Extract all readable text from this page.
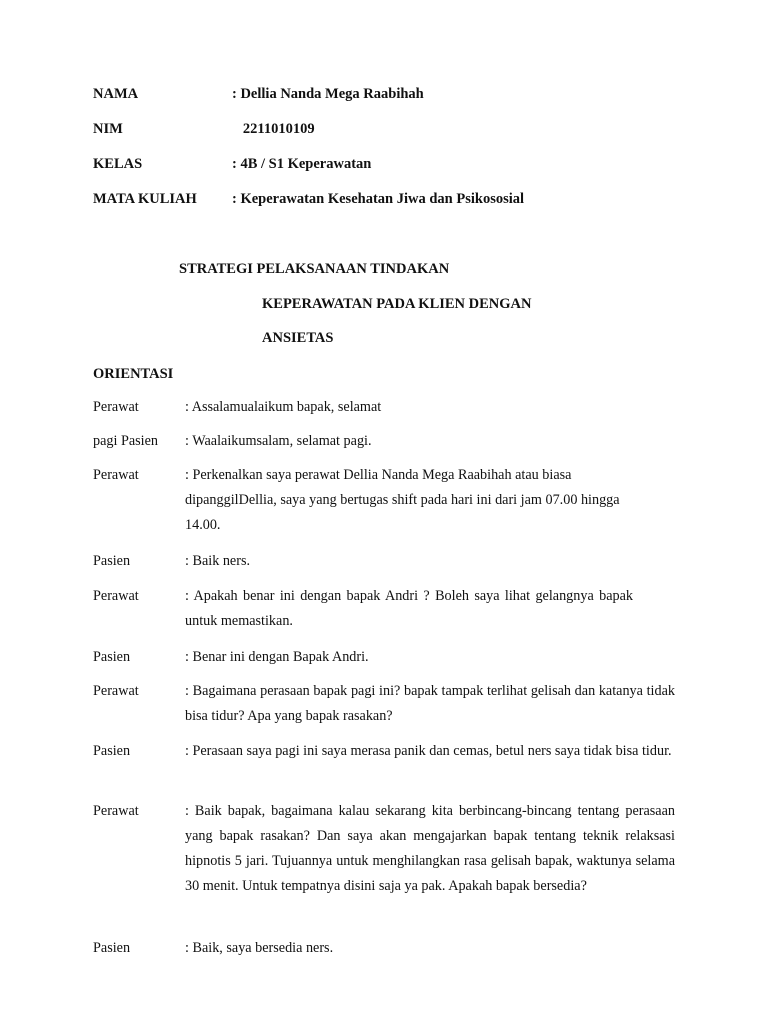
NAMA	: Dellia Nanda Mega Raabihah
NIM	2211010109
KELAS	: 4B / S1 Keperawatan
MATA KULIAH : Keperawatan Kesehatan Jiwa dan Psikososial
STRATEGI PELAKSANAAN TINDAKAN
KEPERAWATAN PADA KLIEN DENGAN
ANSIETAS
ORIENTASI
Perawat	: Assalamualaikum bapak, selamat
pagi Pasien : Waalaikumsalam, selamat pagi.
Perawat	: Perkenalkan saya perawat Dellia Nanda Mega Raabihah atau biasa dipanggilDellia, saya yang bertugas shift pada hari ini dari jam 07.00 hingga 14.00.
Pasien	: Baik ners.
Perawat	: Apakah benar ini dengan bapak Andri ? Boleh saya lihat gelangnya bapak untuk memastikan.
Pasien	: Benar ini dengan Bapak Andri.
Perawat	: Bagaimana perasaan bapak pagi ini? bapak tampak terlihat gelisah dan katanya tidak bisa tidur? Apa yang bapak rasakan?
Pasien	: Perasaan saya pagi ini saya merasa panik dan cemas, betul ners saya tidak bisa tidur.
Perawat	: Baik bapak, bagaimana kalau sekarang kita berbincang-bincang tentang perasaan yang bapak rasakan? Dan saya akan mengajarkan bapak tentang teknik relaksasi hipnotis 5 jari. Tujuannya untuk menghilangkan rasa gelisah bapak, waktunya selama 30 menit. Untuk tempatnya disini saja ya pak. Apakah bapak bersedia?
Pasien	: Baik, saya bersedia ners.
